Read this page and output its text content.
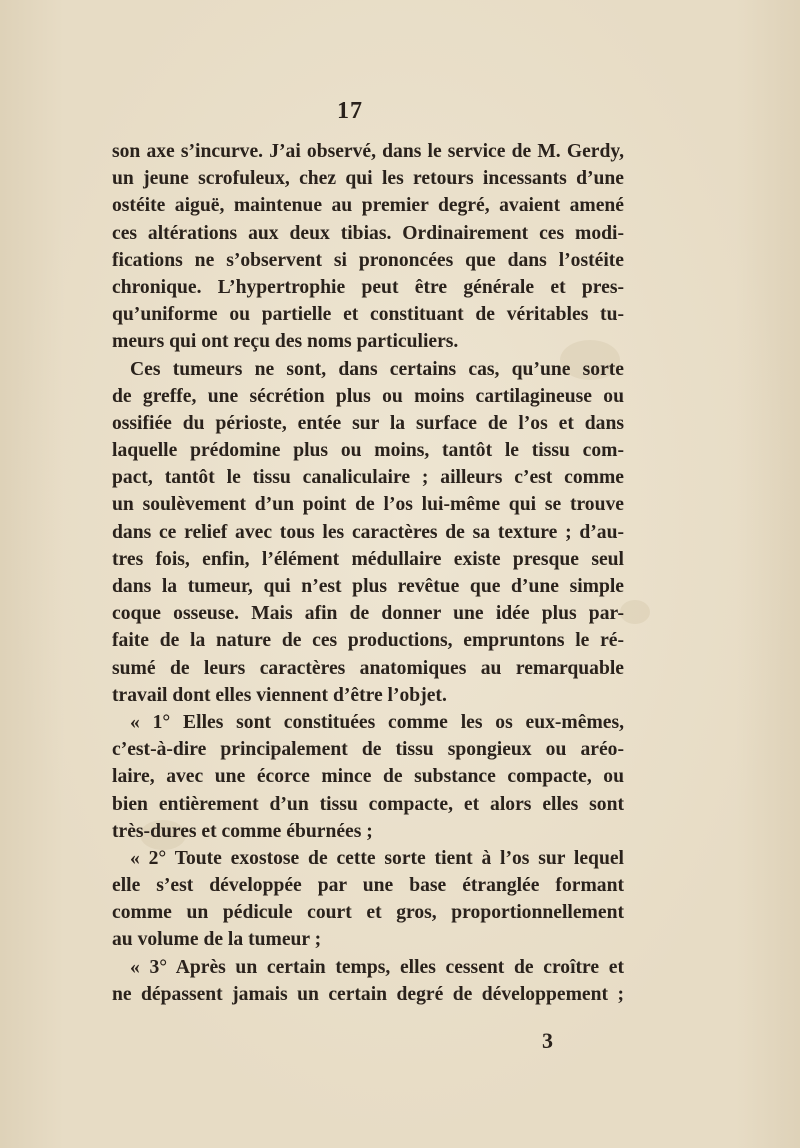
17
son axe s’incurve. J’ai observé, dans le service de M. Gerdy,
un jeune scrofuleux, chez qui les retours incessants d’une
ostéite aiguë, maintenue au premier degré, avaient amené
ces altérations aux deux tibias. Ordinairement ces modi-
fications ne s’observent si prononcées que dans l’ostéite
chronique. L’hypertrophie peut être générale et pres-
qu’uniforme ou partielle et constituant de véritables tu-
meurs qui ont reçu des noms particuliers.
Ces tumeurs ne sont, dans certains cas, qu’une sorte
de greffe, une sécrétion plus ou moins cartilagineuse ou
ossifiée du périoste, entée sur la surface de l’os et dans
laquelle prédomine plus ou moins, tantôt le tissu com-
pact, tantôt le tissu canaliculaire ; ailleurs c’est comme
un soulèvement d’un point de l’os lui-même qui se trouve
dans ce relief avec tous les caractères de sa texture ; d’au-
tres fois, enfin, l’élément médullaire existe presque seul
dans la tumeur, qui n’est plus revêtue que d’une simple
coque osseuse. Mais afin de donner une idée plus par-
faite de la nature de ces productions, empruntons le ré-
sumé de leurs caractères anatomiques au remarquable
travail dont elles viennent d’être l’objet.
« 1° Elles sont constituées comme les os eux-mêmes,
c’est-à-dire principalement de tissu spongieux ou aréo-
laire, avec une écorce mince de substance compacte, ou
bien entièrement d’un tissu compacte, et alors elles sont
très-dures et comme éburnées ;
« 2° Toute exostose de cette sorte tient à l’os sur lequel
elle s’est développée par une base étranglée formant
comme un pédicule court et gros, proportionnellement
au volume de la tumeur ;
« 3° Après un certain temps, elles cessent de croître et
ne dépassent jamais un certain degré de développement ;
3
